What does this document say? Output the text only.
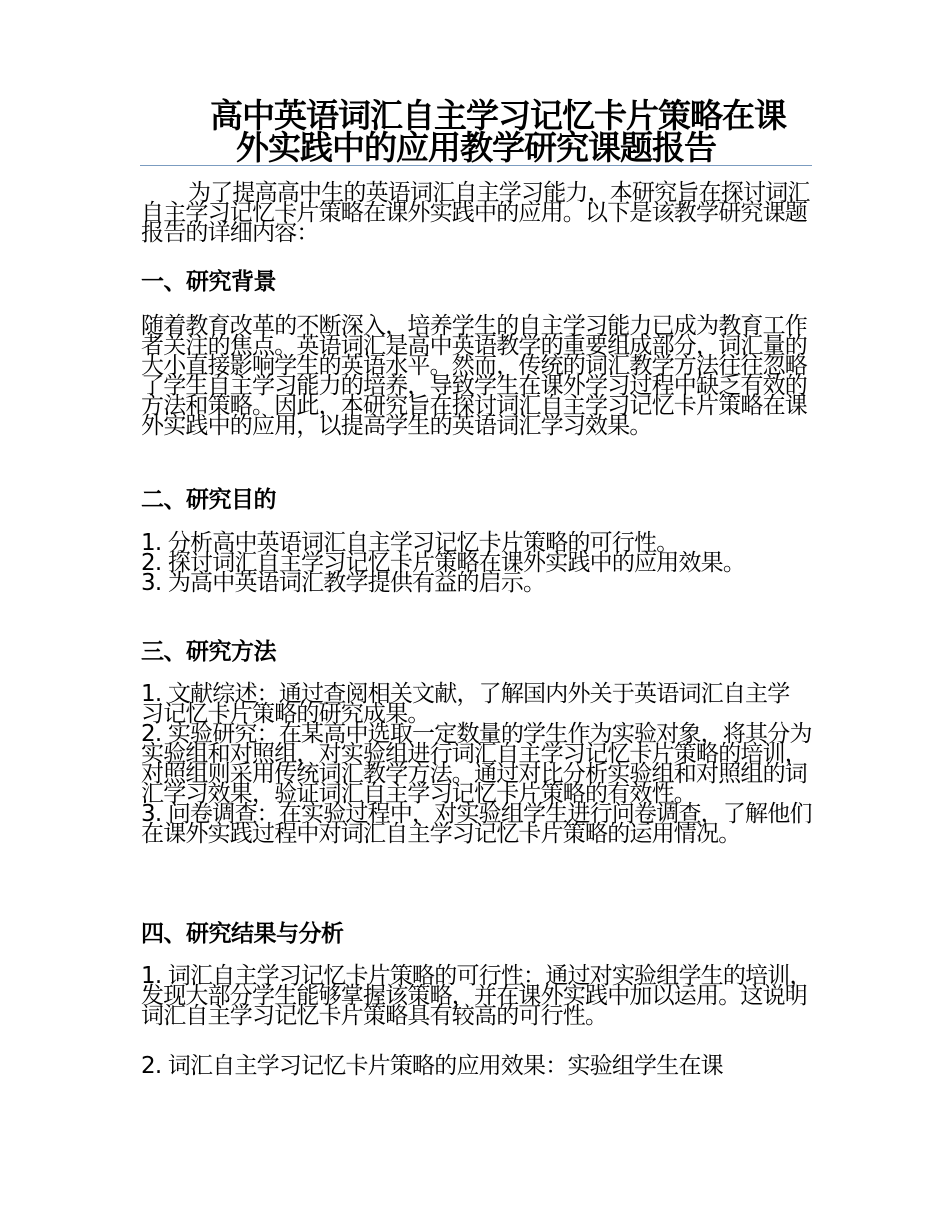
高中英语词汇自主学习记忆卡片策略在课
外实践中的应用教学研究课题报告

为了提高高中生的英语词汇自主学习能力，本研究旨在探讨词汇自主学习记忆卡片策略在课外实践中的应用。以下是该教学研究课题报告的详细内容：

一、研究背景

随着教育改革的不断深入，培养学生的自主学习能力已成为教育工作者关注的焦点。英语词汇是高中英语教学的重要组成部分，词汇量的大小直接影响学生的英语水平。然而，传统的词汇教学方法往往忽略了学生自主学习能力的培养，导致学生在课外学习过程中缺乏有效的方法和策略。因此，本研究旨在探讨词汇自主学习记忆卡片策略在课外实践中的应用，以提高学生的英语词汇学习效果。

二、研究目的

1. 分析高中英语词汇自主学习记忆卡片策略的可行性。

2. 探讨词汇自主学习记忆卡片策略在课外实践中的应用效果。

3. 为高中英语词汇教学提供有益的启示。

三、研究方法

1. 文献综述：通过查阅相关文献，了解国内外关于英语词汇自主学习记忆卡片策略的研究成果。

2. 实验研究：在某高中选取一定数量的学生作为实验对象，将其分为实验组和对照组，对实验组进行词汇自主学习记忆卡片策略的培训，对照组则采用传统词汇教学方法。通过对比分析实验组和对照组的词汇学习效果，验证词汇自主学习记忆卡片策略的有效性。

3. 问卷调查：在实验过程中，对实验组学生进行问卷调查，了解他们在课外实践过程中对词汇自主学习记忆卡片策略的运用情况。

四、研究结果与分析

1. 词汇自主学习记忆卡片策略的可行性：通过对实验组学生的培训，发现大部分学生能够掌握该策略，并在课外实践中加以运用。这说明词汇自主学习记忆卡片策略具有较高的可行性。

2. 词汇自主学习记忆卡片策略的应用效果：实验组学生在课
